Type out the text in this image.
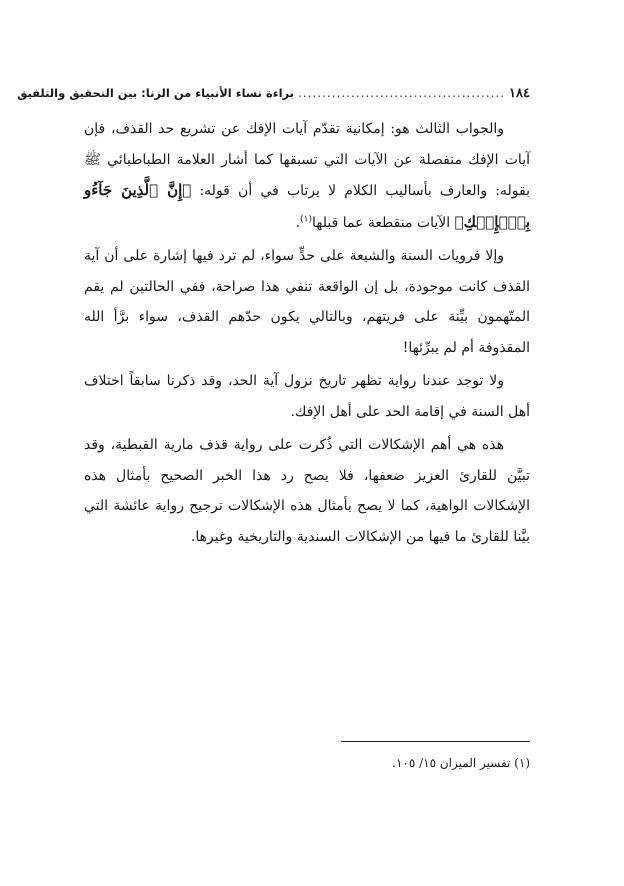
١٨٤
...........................................
براءة نساء الأنبياء من الزنا: بين التحقيق والتلفيق

والجواب الثالث هو: إمكانية تقدّم آيات الإفك عن تشريع حد القذف، فإن آيات الإفك منفصلة عن الآيات التي تسبقها كما أشار العلامة الطباطبائي ﷺ بقوله: والعارف بأساليب الكلام لا يرتاب في أن قوله: ﴿إِنَّ ٱلَّذِينَ جَآءُو بِٱلۡإِفۡكِ﴾ الآيات منقطعة عما قبلها$^{(١)}$.

وإلا فرويات السنة والشيعة على حدٍّ سواء، لم ترد فيها إشارة على أن آية القذف كانت موجودة، بل إن الواقعة تنفي هذا صراحة، ففي الحالتين لم يقم المتّهمون بيِّنة على فريتهم، وبالتالي يكون حدّهم القذف، سواء برَّأ الله المقذوفة أم لم يبرِّئها!

ولا توجد عندنا رواية تظهر تاريخ نزول آية الحد، وقد ذكرنا سابقاً اختلاف أهل السنة في إقامة الحد على أهل الإفك.

هذه هي أهم الإشكالات التي ذُكرت على رواية قذف مارية القبطية، وقد تبيَّن للقارئ العزيز ضعفها، فلا يصح رد هذا الخبر الصحيح بأمثال هذه الإشكالات الواهية، كما لا يصح بأمثال هذه الإشكالات ترجيح رواية عائشة التي بيَّنا للقارئ ما فيها من الإشكالات السندية والتاريخية وغيرها.

(١) تفسير الميزان ١٥/ ١٠٥.
